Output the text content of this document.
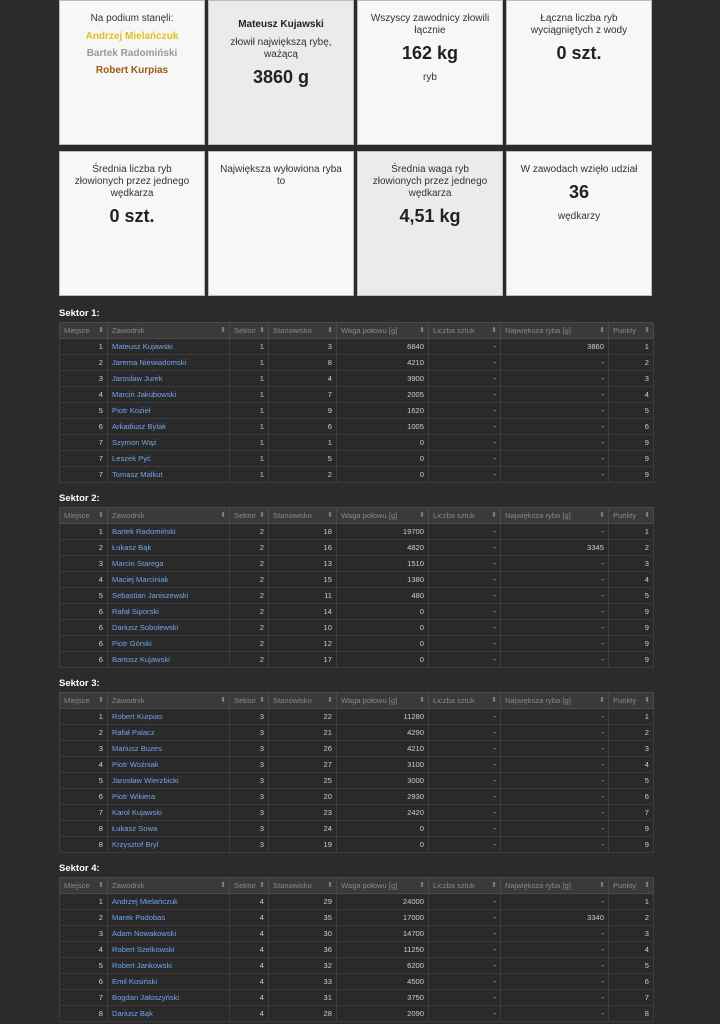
Na podium stanęli:
Andrzej Mielańczuk
Bartek Radomiński
Robert Kurpias
Mateusz Kujawski
złowił największą rybę, ważącą
3860 g
Wszyscy zawodnicy złowili łącznie
162 kg
ryb
Łączna liczba ryb wyciągniętych z wody
0 szt.
Średnia liczba ryb złowionych przez jednego wędkarza
0 szt.
Największa wyłowiona ryba to
Średnia waga ryb złowionych przez jednego wędkarza
4,51 kg
W zawodach wzięło udział
36
wędkarzy
Sektor 1:
Miejsce ⬍	Zawodnik ⬍	Sektor ⬍	Stanowisko ⬍	Waga połowu [g] ⬍	Liczba sztuk ⬍	Największa ryba [g] ⬍	Punkty ⬍

1	Mateusz Kujawski	1	3	6840	-	3860	1
2	Jarema Niewiadomski	1	8	4210	-	-	2
3	Jarosław Jurek	1	4	3900	-	-	3
4	Marcin Jakubowski	1	7	2005	-	-	4
5	Piotr Kozieł	1	9	1620	-	-	5
6	Arkadiusz Bylak	1	6	1005	-	-	6
7	Szymon Wąż	1	1	0	-	-	9
7	Leszek Pyć	1	5	0	-	-	9
7	Tomasz Malkut	1	2	0	-	-	9
Sektor 2:
Miejsce ⬍	Zawodnik ⬍	Sektor ⬍	Stanowisko ⬍	Waga połowu [g] ⬍	Liczba sztuk ⬍	Największa ryba [g] ⬍	Punkty ⬍

1	Bartek Radomiński	2	18	19700	-	-	1
2	Łukasz Bąk	2	16	4820	-	3345	2
3	Marcin Starega	2	13	1510	-	-	3
4	Maciej Marciniak	2	15	1380	-	-	4
5	Sebastian Janiszewski	2	11	480	-	-	5
6	Rafał Siporski	2	14	0	-	-	9
6	Dariusz Sobolewski	2	10	0	-	-	9
6	Piotr Górski	2	12	0	-	-	9
6	Bartosz Kujawski	2	17	0	-	-	9
Sektor 3:
Miejsce ⬍	Zawodnik ⬍	Sektor ⬍	Stanowisko ⬍	Waga połowu [g] ⬍	Liczba sztuk ⬍	Największa ryba [g] ⬍	Punkty ⬍

1	Robert Kurpias	3	22	11280	-	-	1
2	Rafał Palacz	3	21	4290	-	-	2
3	Mariusz Buzes	3	26	4210	-	-	3
4	Piotr Woźniak	3	27	3100	-	-	4
5	Jarosław Wierzbicki	3	25	3000	-	-	5
6	Piotr Wikiera	3	20	2930	-	-	6
7	Karol Kujawski	3	23	2420	-	-	7
8	Łukasz Sowa	3	24	0	-	-	9
8	Krzysztof Bryl	3	19	0	-	-	9
Sektor 4:
Miejsce ⬍	Zawodnik ⬍	Sektor ⬍	Stanowisko ⬍	Waga połowu [g] ⬍	Liczba sztuk ⬍	Największa ryba [g] ⬍	Punkty ⬍

1	Andrzej Mielańczuk	4	29	24000	-	-	1
2	Marek Podobas	4	35	17000	-	3340	2
3	Adam Nowakowski	4	30	14700	-	-	3
4	Robert Szelkowski	4	36	11250	-	-	4
5	Robert Jankowski	4	32	6200	-	-	5
6	Emil Kosiński	4	33	4500	-	-	6
7	Bogdan Jałoszyński	4	31	3750	-	-	7
8	Dariusz Bąk	4	28	2090	-	-	8
